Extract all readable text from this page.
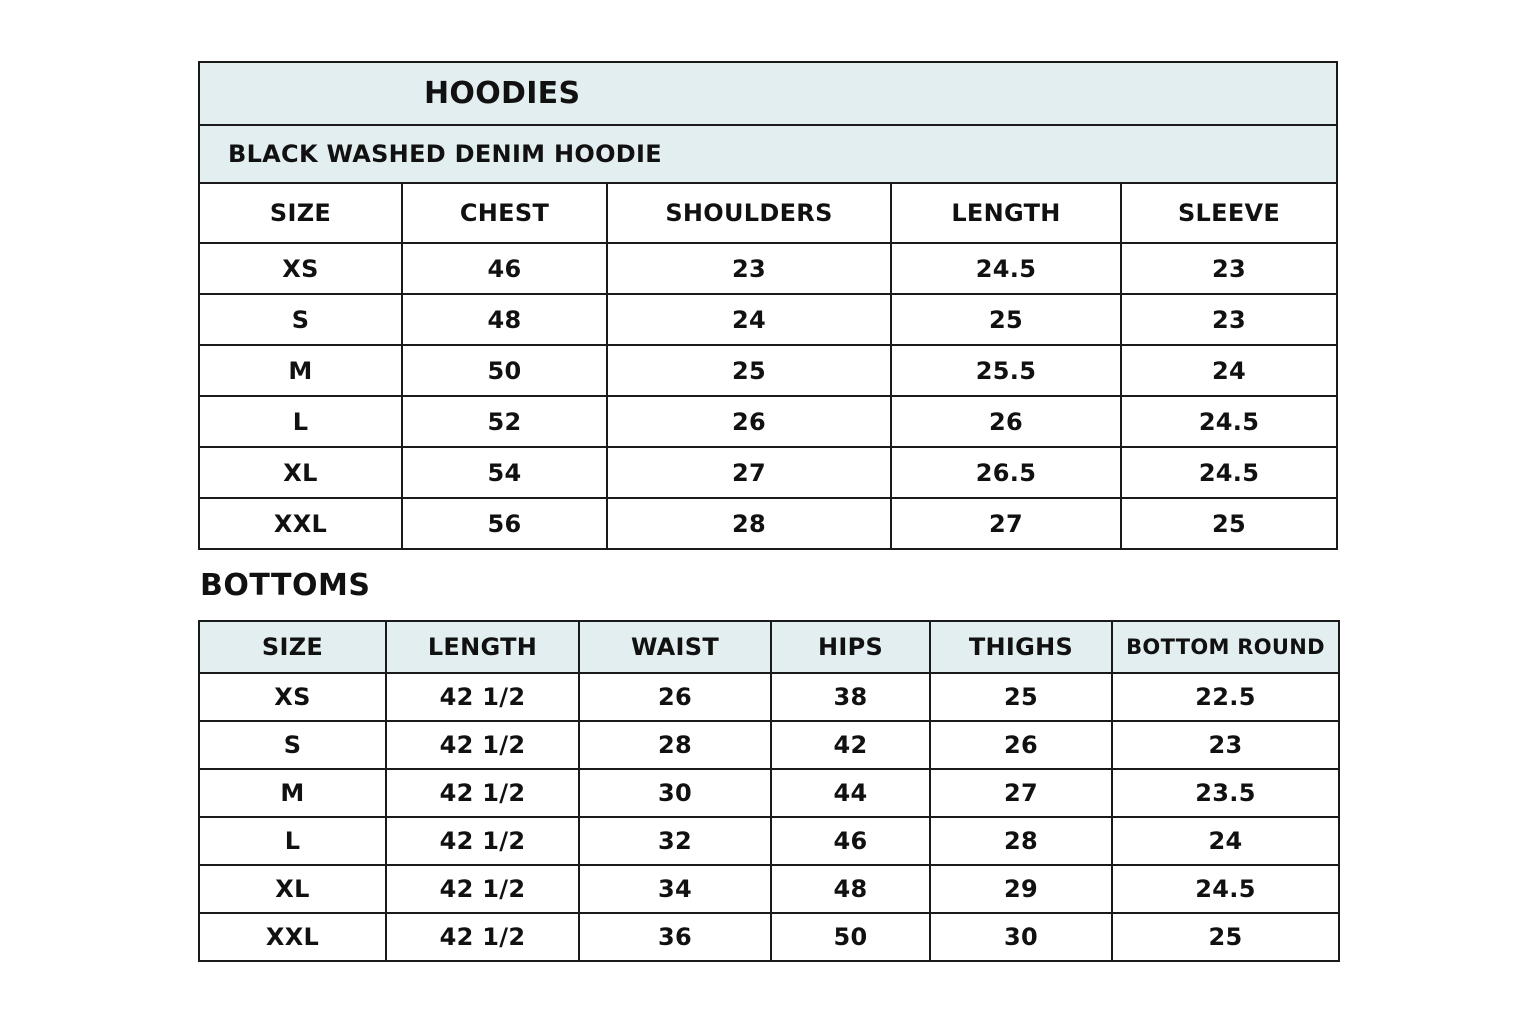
HOODIES				
BLACK WASHED DENIM HOODIE				
SIZE	CHEST	SHOULDERS	LENGTH	SLEEVE
XS	46	23	24.5	23
S	48	24	25	23
M	50	25	25.5	24
L	52	26	26	24.5
XL	54	27	26.5	24.5
XXL	56	28	27	25
BOTTOMS
SIZE	LENGTH	WAIST	HIPS	THIGHS	BOTTOM ROUND
XS	42 1/2	26	38	25	22.5
S	42 1/2	28	42	26	23
M	42 1/2	30	44	27	23.5
L	42 1/2	32	46	28	24
XL	42 1/2	34	48	29	24.5
XXL	42 1/2	36	50	30	25
